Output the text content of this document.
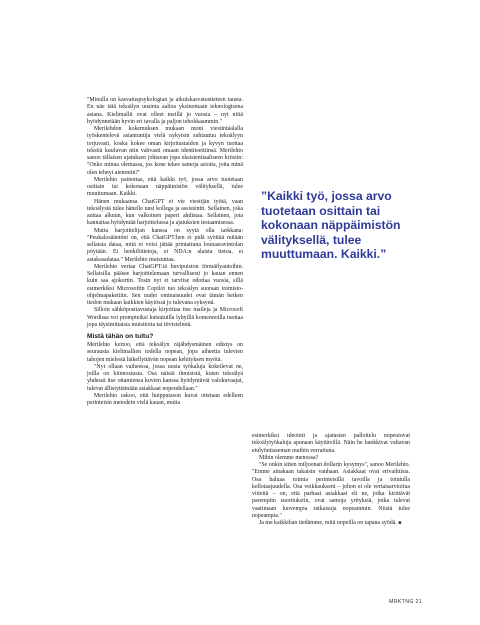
"Minulla on kasvatuspsykologian ja aikuiskasvatustieteen tausta. En näe tätä tekoälyn uusinta aaltoa yksinomaan teknologisena asiana. Kielimallit ovat olleet meillä jo vuosia – nyt niitä hyödynnetään hyvin eri tavalla ja paljon tehokkaammin."

Merilehdon kokemuksen mukaan moni viestintäalalla työskentelevä asiantuntija vielä nykyisin suhtautuu tekoälyyn torjuvasti, koska kokee oman kirjoitustaidon ja kyvyn tuottaa tekstiä kuuluvan niin vahvasti omaan identiteettiinsä. Merilehto sanoo tällaisen ajatuksen johtavan jopa eksistentiaaliseen kriisiin: "Onko minua olemassa, jos kone tekee samoja asioita, joita minä olen tehnyt aiemmin?"

Merilehto painottaa, että kaikki työ, jossa arvo tuotetaan osittain tai kokonaan näppäimistön välityksellä, tulee muuttumaan. Kaikki.

Hänen mukaansa ChatGPT ei vie viestijän työtä, vaan tekoälystä tulee hänelle uusi kollega ja assistentti. Sellainen, joka auttaa alkuun, kun valkoinen paperi ahdistaa. Sellainen, jota kannattaa hyödyntää harjoittelussa ja ajatuksien testaamisessa.

Mutta harjoittelijan kanssa on syytä olla tarkkana: "Peukalosääntöni on, että ChatGPT:hen ei pidä syöttää mitään sellaista dataa, mitä ei voisi jättää printattuna lounasravintolan pöytään. Ei henkilötietoja, ei NDA:n alaista tietoa, ei asiakasadataa." Merilehto muistuttaa.

Merilehto vertaa ChatGPT:tä huvipuiston törmäilyautoihin. Sellaisilla pääsee harjoittelemaan turvallisesti jo kauan ennen kuin saa ajokortin. Tosin nyt ei tarvitse odottaa vuosia, sillä esimerkiksi Microsoftin Copilot tuo tekoälyn suoraan toimisto-ohjelmapakettiin. Sen uudet ominaisuudet ovat tämän hetken tiedon mukaan kaikkien käytössä jo tulevana syksynä.

Silloin sähköpostiavustaja kirjoittaa itse maileja ja Microsoft Wordissa voi prompteiksi kutsutuilla lyhyillä komennoilla tuottaa jopa täysimittaisia muistioita tai tiivistelmiä.

Mistä tähän on tultu?

Merilehto kertoo, että tekoälyn räjähdysmäinen edistys on seurausta kielimallien todella nopean, jopa aiheetta tulevien tahojen mielestä häkellyttävän nopean kehityksen myötä.

"Nyt ollaan vaiheessa, jossa uusia työkaluja kokeilevat ne, joilla on kiinnostusta. Osa näistä ihmisistä, kuten tekoälyä yhdessä itse ottamiensa kuvien kanssa hyödyntävät valokuvaajat, tulevat ällistyttämään asiakkaat nopeudellaan."

Merilehto uskoo, että huipputason kuvat ottetaan edelleen perinteisin metodein vielä kauan, mutta

”Kaikki työ, jossa arvo tuotetaan osittain tai kokonaan näppäimistön välityksellä, tulee muuttumaan. Kaikki.”

esimerkiksi ideointi ja ajatusten pallottelu nopeutuvat tekoälytyökaluja apunaan käyttävillä. Näin he hankkivat valtavan etulyöntiaseman muihin verrattuna.

Mihin olemme menossa?

"Se onkin sitten miljoonan dollarin kysymys", sanoo Merilehto. "Emme ainakaan takaisin vanhaan. Asiakkaat ovat erivaihtisia. Osa haluaa toimia perinteisillä tavoilla ja totutulla kellotaajuudella. Osa veikkaukseni – johon ei ole vertaisarvioitua viitettä – on, että parhaat asiakkaat eli ne, jotka kirittävät parempiin suorituksiin, ovat samoja yrityksiä, jotka tulevat vaatimaan luovempia ratkaisuja nopeammin. Niistä tulee nopeampia."

Ja me kaikkihan tiedämme, mitä nopeilla on tapana syödä. ■

MRKTNG 21
